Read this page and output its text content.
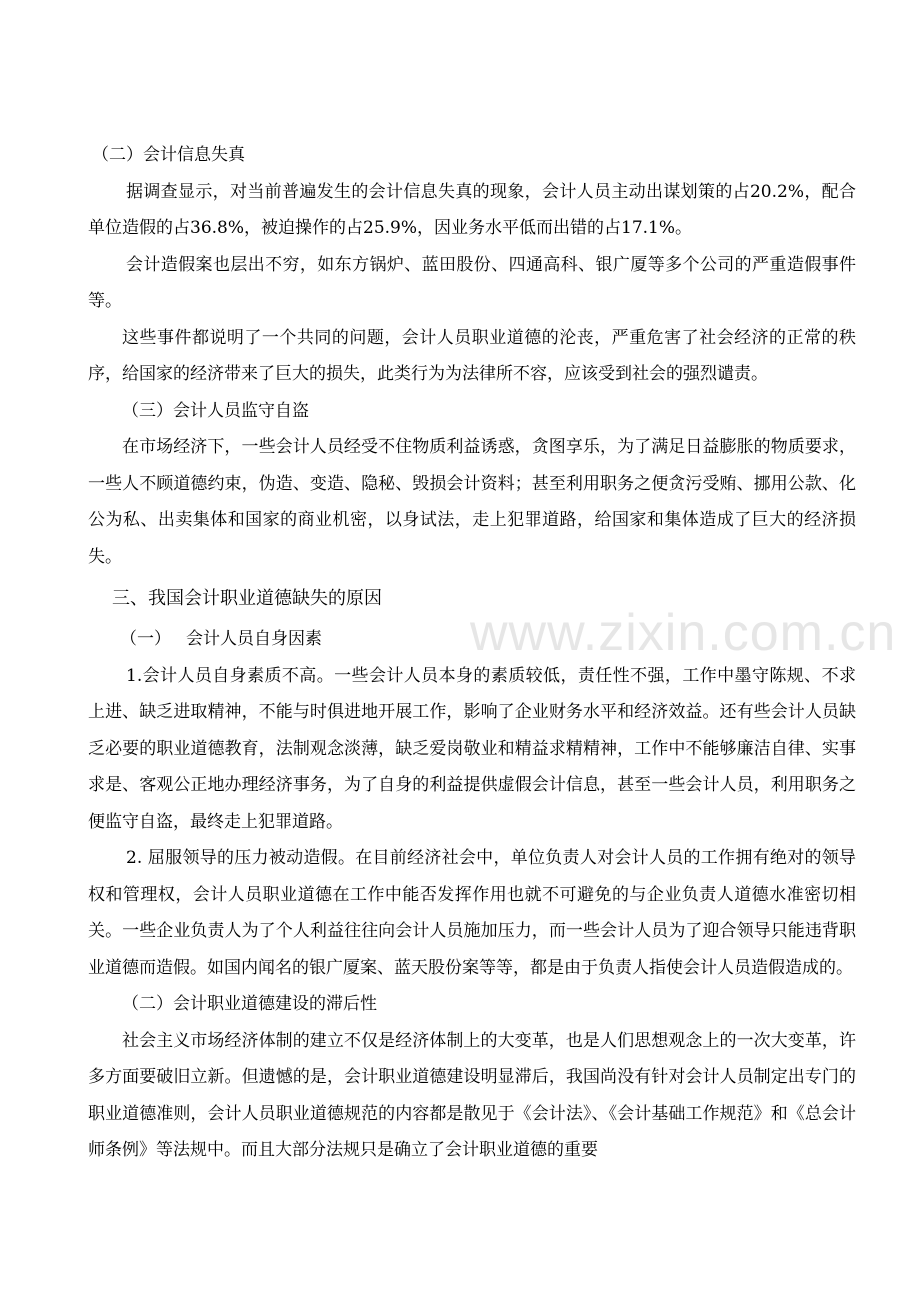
www.zixin.com.cn

（二）会计信息失真

据调查显示，对当前普遍发生的会计信息失真的现象，会计人员主动出谋划策的占20.2%，配合单位造假的占36.8%，被迫操作的占25.9%，因业务水平低而出错的占17.1%。

会计造假案也层出不穷，如东方锅炉、蓝田股份、四通高科、银广厦等多个公司的严重造假事件等。

这些事件都说明了一个共同的问题，会计人员职业道德的沦丧，严重危害了社会经济的正常的秩序，给国家的经济带来了巨大的损失，此类行为为法律所不容，应该受到社会的强烈谴责。

（三）会计人员监守自盗

在市场经济下，一些会计人员经受不住物质利益诱惑，贪图享乐，为了满足日益膨胀的物质要求，一些人不顾道德约束，伪造、变造、隐秘、毁损会计资料；甚至利用职务之便贪污受贿、挪用公款、化公为私、出卖集体和国家的商业机密，以身试法，走上犯罪道路，给国家和集体造成了巨大的经济损失。

三、我国会计职业道德缺失的原因

（一） 会计人员自身因素

1.会计人员自身素质不高。一些会计人员本身的素质较低，责任性不强，工作中墨守陈规、不求上进、缺乏进取精神，不能与时俱进地开展工作，影响了企业财务水平和经济效益。还有些会计人员缺乏必要的职业道德教育，法制观念淡薄，缺乏爱岗敬业和精益求精精神，工作中不能够廉洁自律、实事求是、客观公正地办理经济事务，为了自身的利益提供虚假会计信息，甚至一些会计人员，利用职务之便监守自盗，最终走上犯罪道路。

2. 屈服领导的压力被动造假。在目前经济社会中，单位负责人对会计人员的工作拥有绝对的领导权和管理权，会计人员职业道德在工作中能否发挥作用也就不可避免的与企业负责人道德水准密切相关。一些企业负责人为了个人利益往往向会计人员施加压力，而一些会计人员为了迎合领导只能违背职业道德而造假。如国内闻名的银广厦案、蓝天股份案等等，都是由于负责人指使会计人员造假造成的。

（二）会计职业道德建设的滞后性

社会主义市场经济体制的建立不仅是经济体制上的大变革，也是人们思想观念上的一次大变革，许多方面要破旧立新。但遗憾的是，会计职业道德建设明显滞后，我国尚没有针对会计人员制定出专门的职业道德准则，会计人员职业道德规范的内容都是散见于《会计法》、《会计基础工作规范》和《总会计师条例》等法规中。而且大部分法规只是确立了会计职业道德的重要
